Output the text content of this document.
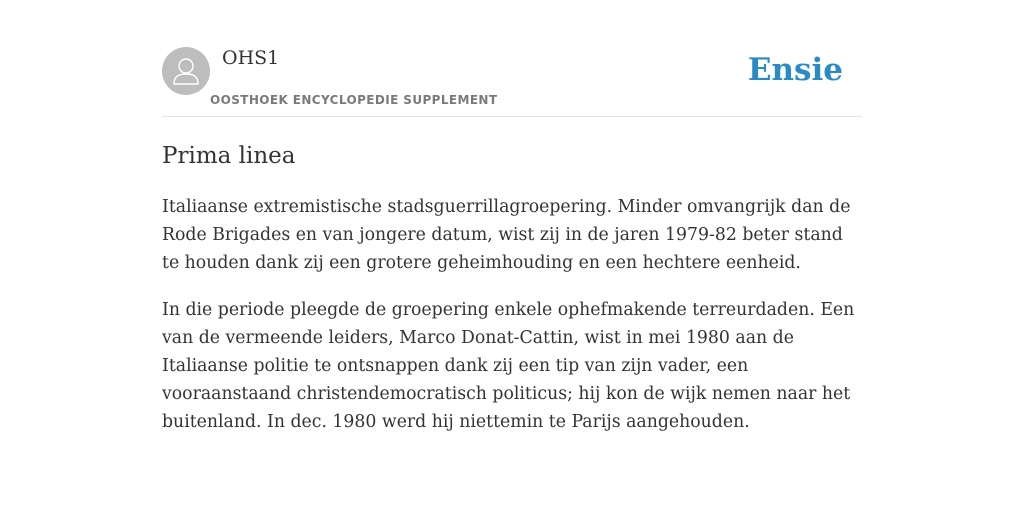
OHS1
OOSTHOEK ENCYCLOPEDIE SUPPLEMENT
Ensie
Prima linea

Italiaanse extremistische stadsguerrillagroepering. Minder omvangrijk dan de Rode Brigades en van jongere datum, wist zij in de jaren 1979-82 beter stand te houden dank zij een grotere geheimhouding en een hechtere eenheid.

In die periode pleegde de groepering enkele ophefmakende terreurdaden. Een van de vermeende leiders, Marco Donat-Cattin, wist in mei 1980 aan de Italiaanse politie te ontsnappen dank zij een tip van zijn vader, een vooraanstaand christendemocratisch politicus; hij kon de wijk nemen naar het buitenland. In dec. 1980 werd hij niettemin te Parijs aangehouden.
